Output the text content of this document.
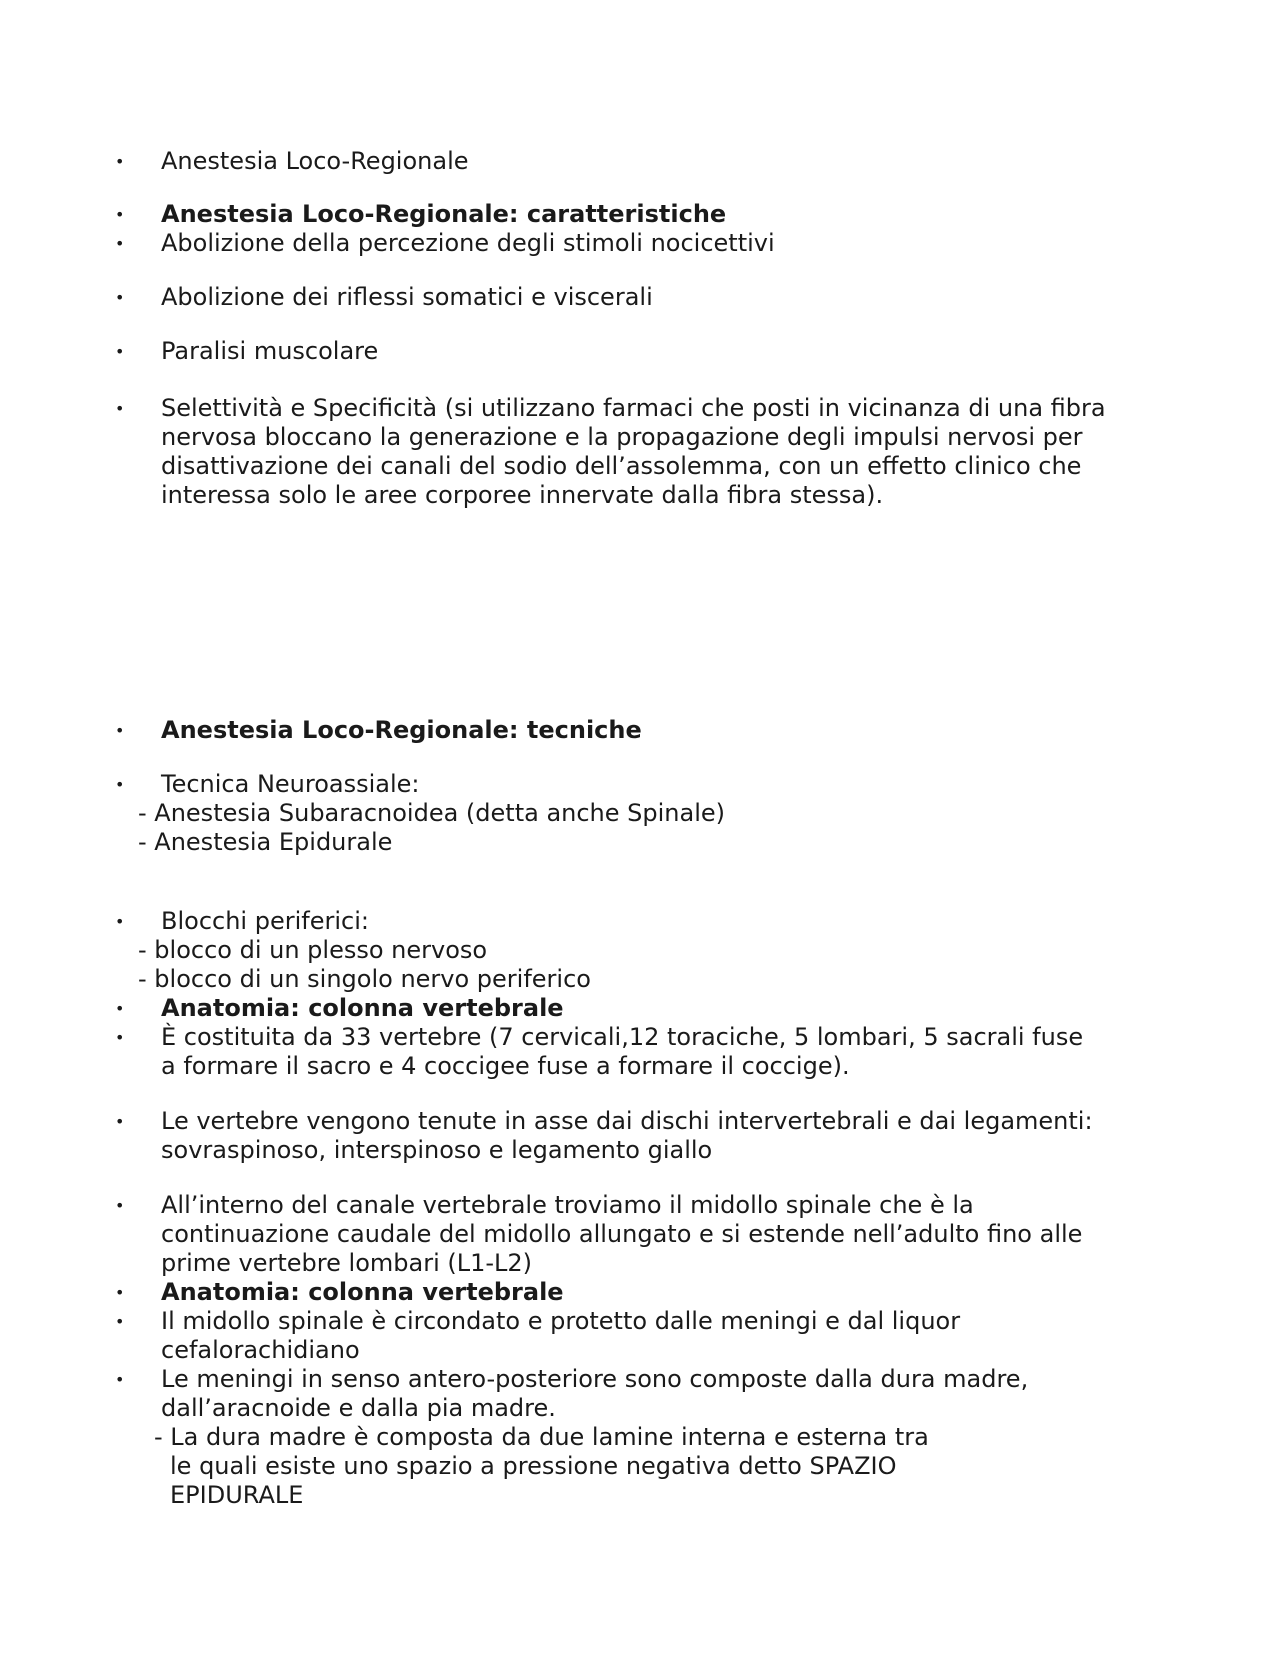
• Anestesia Loco-Regionale
• Anestesia Loco-Regionale: caratteristiche
• Abolizione della percezione degli stimoli nocicettivi
• Abolizione dei riflessi somatici e viscerali
• Paralisi muscolare
• Selettività e Specificità (si utilizzano farmaci che posti in vicinanza di una fibra
nervosa bloccano la generazione e la propagazione degli impulsi nervosi per
disattivazione dei canali del sodio dell’assolemma, con un effetto clinico che
interessa solo le aree corporee innervate dalla fibra stessa).
• Anestesia Loco-Regionale: tecniche
• Tecnica Neuroassiale:
- Anestesia Subaracnoidea (detta anche Spinale)
- Anestesia Epidurale
• Blocchi periferici:
- blocco di un plesso nervoso
- blocco di un singolo nervo periferico
• Anatomia: colonna vertebrale
• È costituita da 33 vertebre (7 cervicali,12 toraciche, 5 lombari, 5 sacrali fuse
a formare il sacro e 4 coccigee fuse a formare il coccige).
• Le vertebre vengono tenute in asse dai dischi intervertebrali e dai legamenti:
sovraspinoso, interspinoso e legamento giallo
• All’interno del canale vertebrale troviamo il midollo spinale che è la
continuazione caudale del midollo allungato e si estende nell’adulto fino alle
prime vertebre lombari (L1-L2)
• Anatomia: colonna vertebrale
• Il midollo spinale è circondato e protetto dalle meningi e dal liquor
cefalorachidiano
• Le meningi in senso antero-posteriore sono composte dalla dura madre,
dall’aracnoide e dalla pia madre.
- La dura madre è composta da due lamine interna e esterna tra
le quali esiste uno spazio a pressione negativa detto SPAZIO
EPIDURALE
